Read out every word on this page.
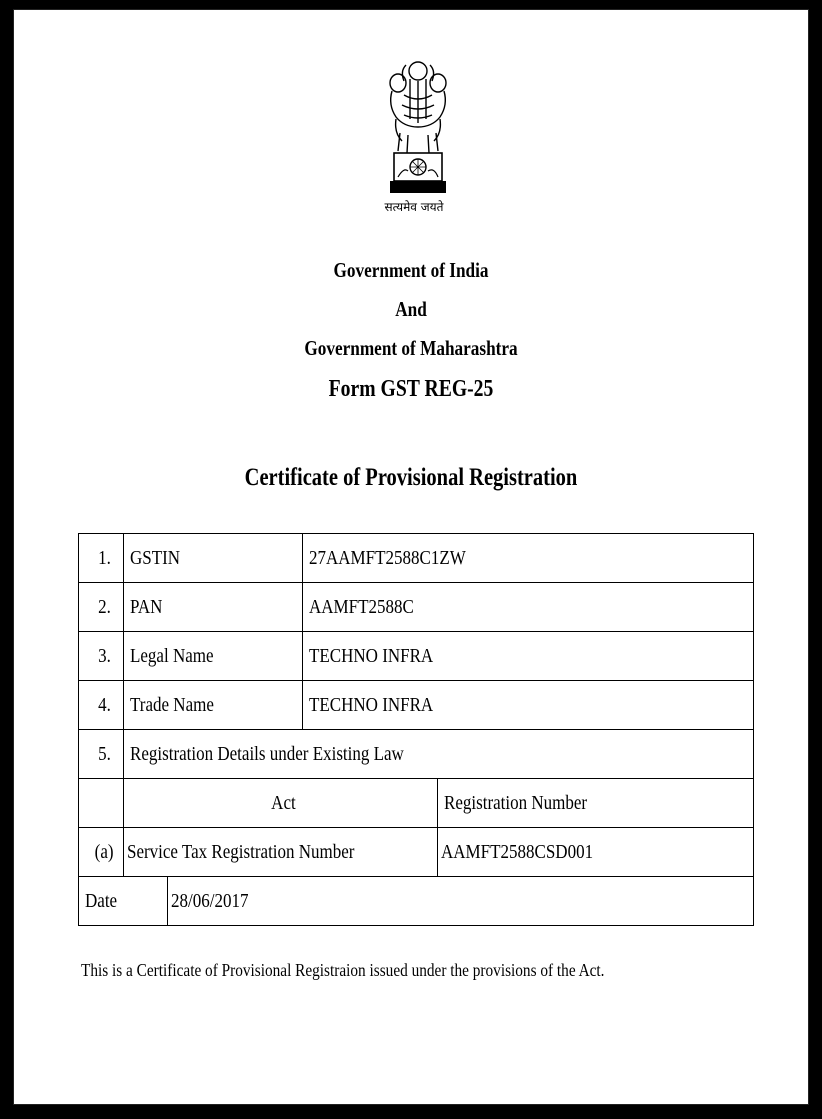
सत्यमेव जयते
Government of India
And
Government of Maharashtra
Form GST REG-25
Certificate of Provisional Registration
1.	GSTIN		27AAMFT2588C1ZW	
2.	PAN		AAMFT2588C	
3.	Legal Name		TECHNO INFRA	
4.	Trade Name		TECHNO INFRA	
5.	Registration Details under Existing Law			
	Act			Registration Number
(a)	Service Tax Registration Number			AAMFT2588CSD001
Date		28/06/2017		
This is a Certificate of Provisional Registraion issued under the provisions of the Act.
